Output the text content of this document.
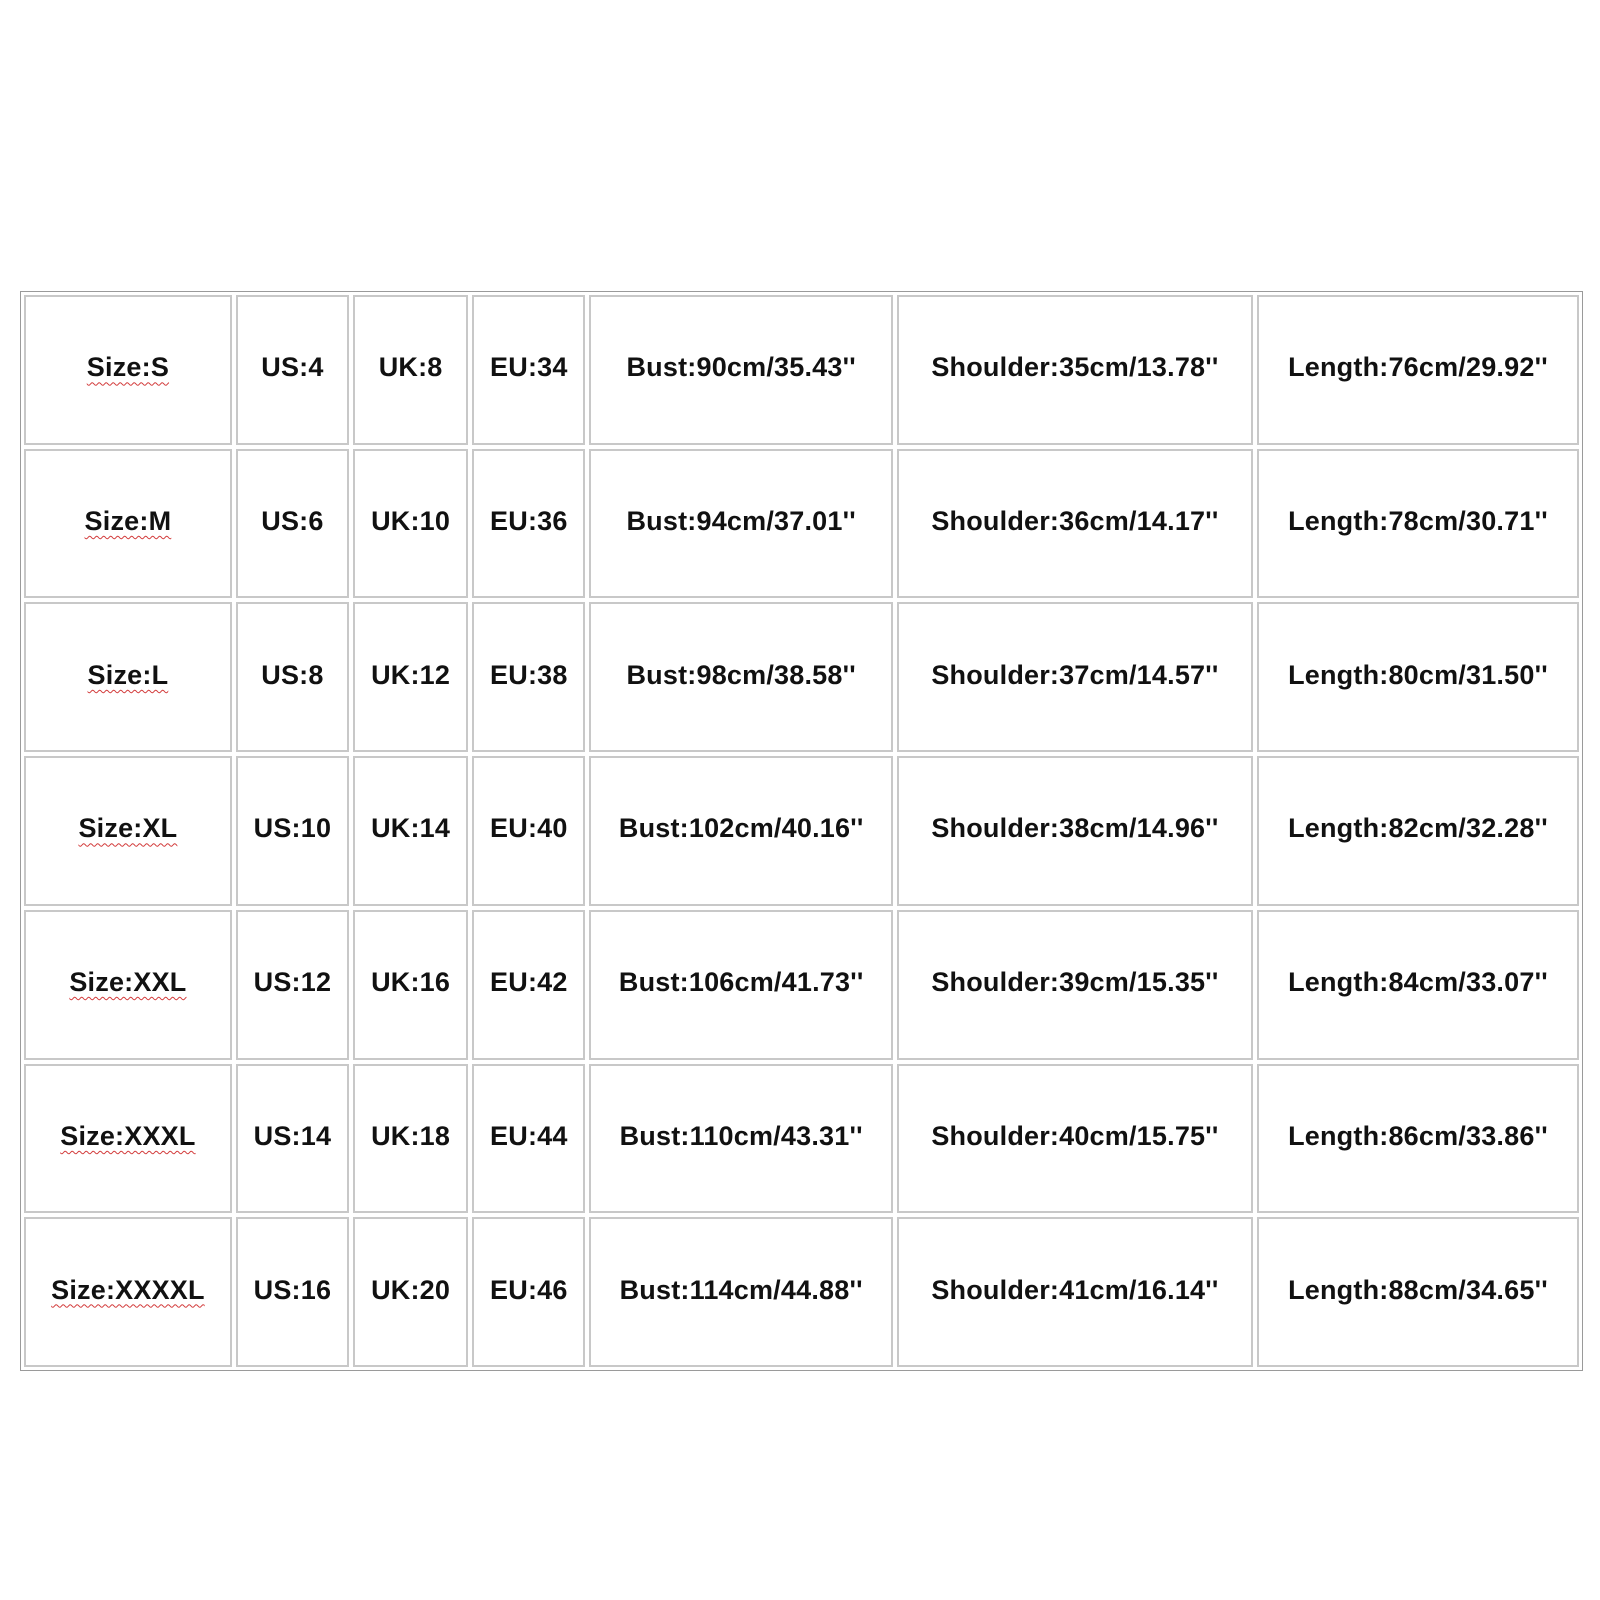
Size:S	US:4	UK:8	EU:34	Bust:90cm/35.43''	Shoulder:35cm/13.78''	Length:76cm/29.92''
Size:M	US:6	UK:10	EU:36	Bust:94cm/37.01''	Shoulder:36cm/14.17''	Length:78cm/30.71''
Size:L	US:8	UK:12	EU:38	Bust:98cm/38.58''	Shoulder:37cm/14.57''	Length:80cm/31.50''
Size:XL	US:10	UK:14	EU:40	Bust:102cm/40.16''	Shoulder:38cm/14.96''	Length:82cm/32.28''
Size:XXL	US:12	UK:16	EU:42	Bust:106cm/41.73''	Shoulder:39cm/15.35''	Length:84cm/33.07''
Size:XXXL	US:14	UK:18	EU:44	Bust:110cm/43.31''	Shoulder:40cm/15.75''	Length:86cm/33.86''
Size:XXXXL	US:16	UK:20	EU:46	Bust:114cm/44.88''	Shoulder:41cm/16.14''	Length:88cm/34.65''
